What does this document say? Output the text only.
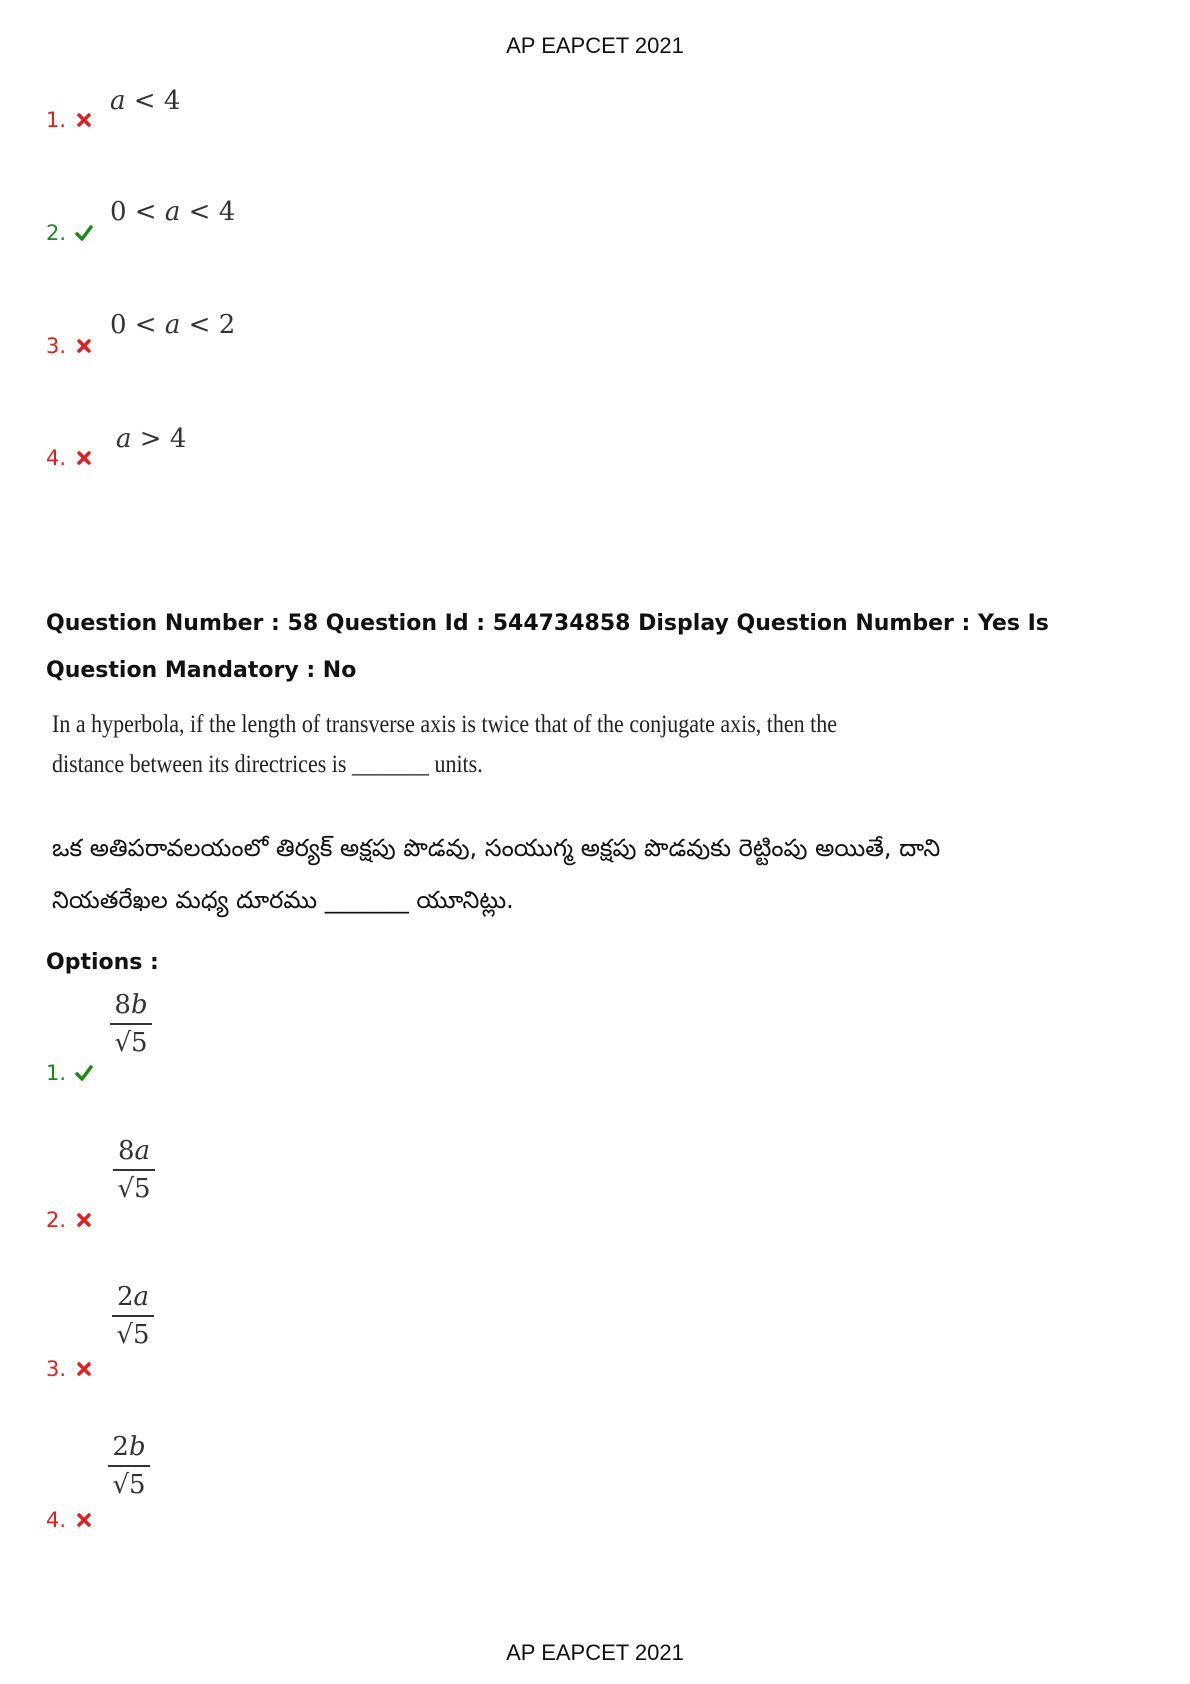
AP EAPCET 2021
1.
a < 4
2.
0 < a < 4
3.
0 < a < 2
4.
a > 4
Question Number : 58 Question Id : 544734858 Display Question Number : Yes Is Question Mandatory : No
In a hyperbola, if the length of transverse axis is twice that of the conjugate axis, then the
distance between its directrices is _______ units.
ఒక అతిపరావలయంలో తిర్యక్ అక్షపు పొడవు, సంయుగ్మ అక్షపు పొడవుకు రెట్టింపు అయితే, దాని
నియతరేఖల మధ్య దూరము _______ యూనిట్లు.
Options :
1.
8b
√5
2.
8a
√5
3.
2a
√5
4.
2b
√5
AP EAPCET 2021
